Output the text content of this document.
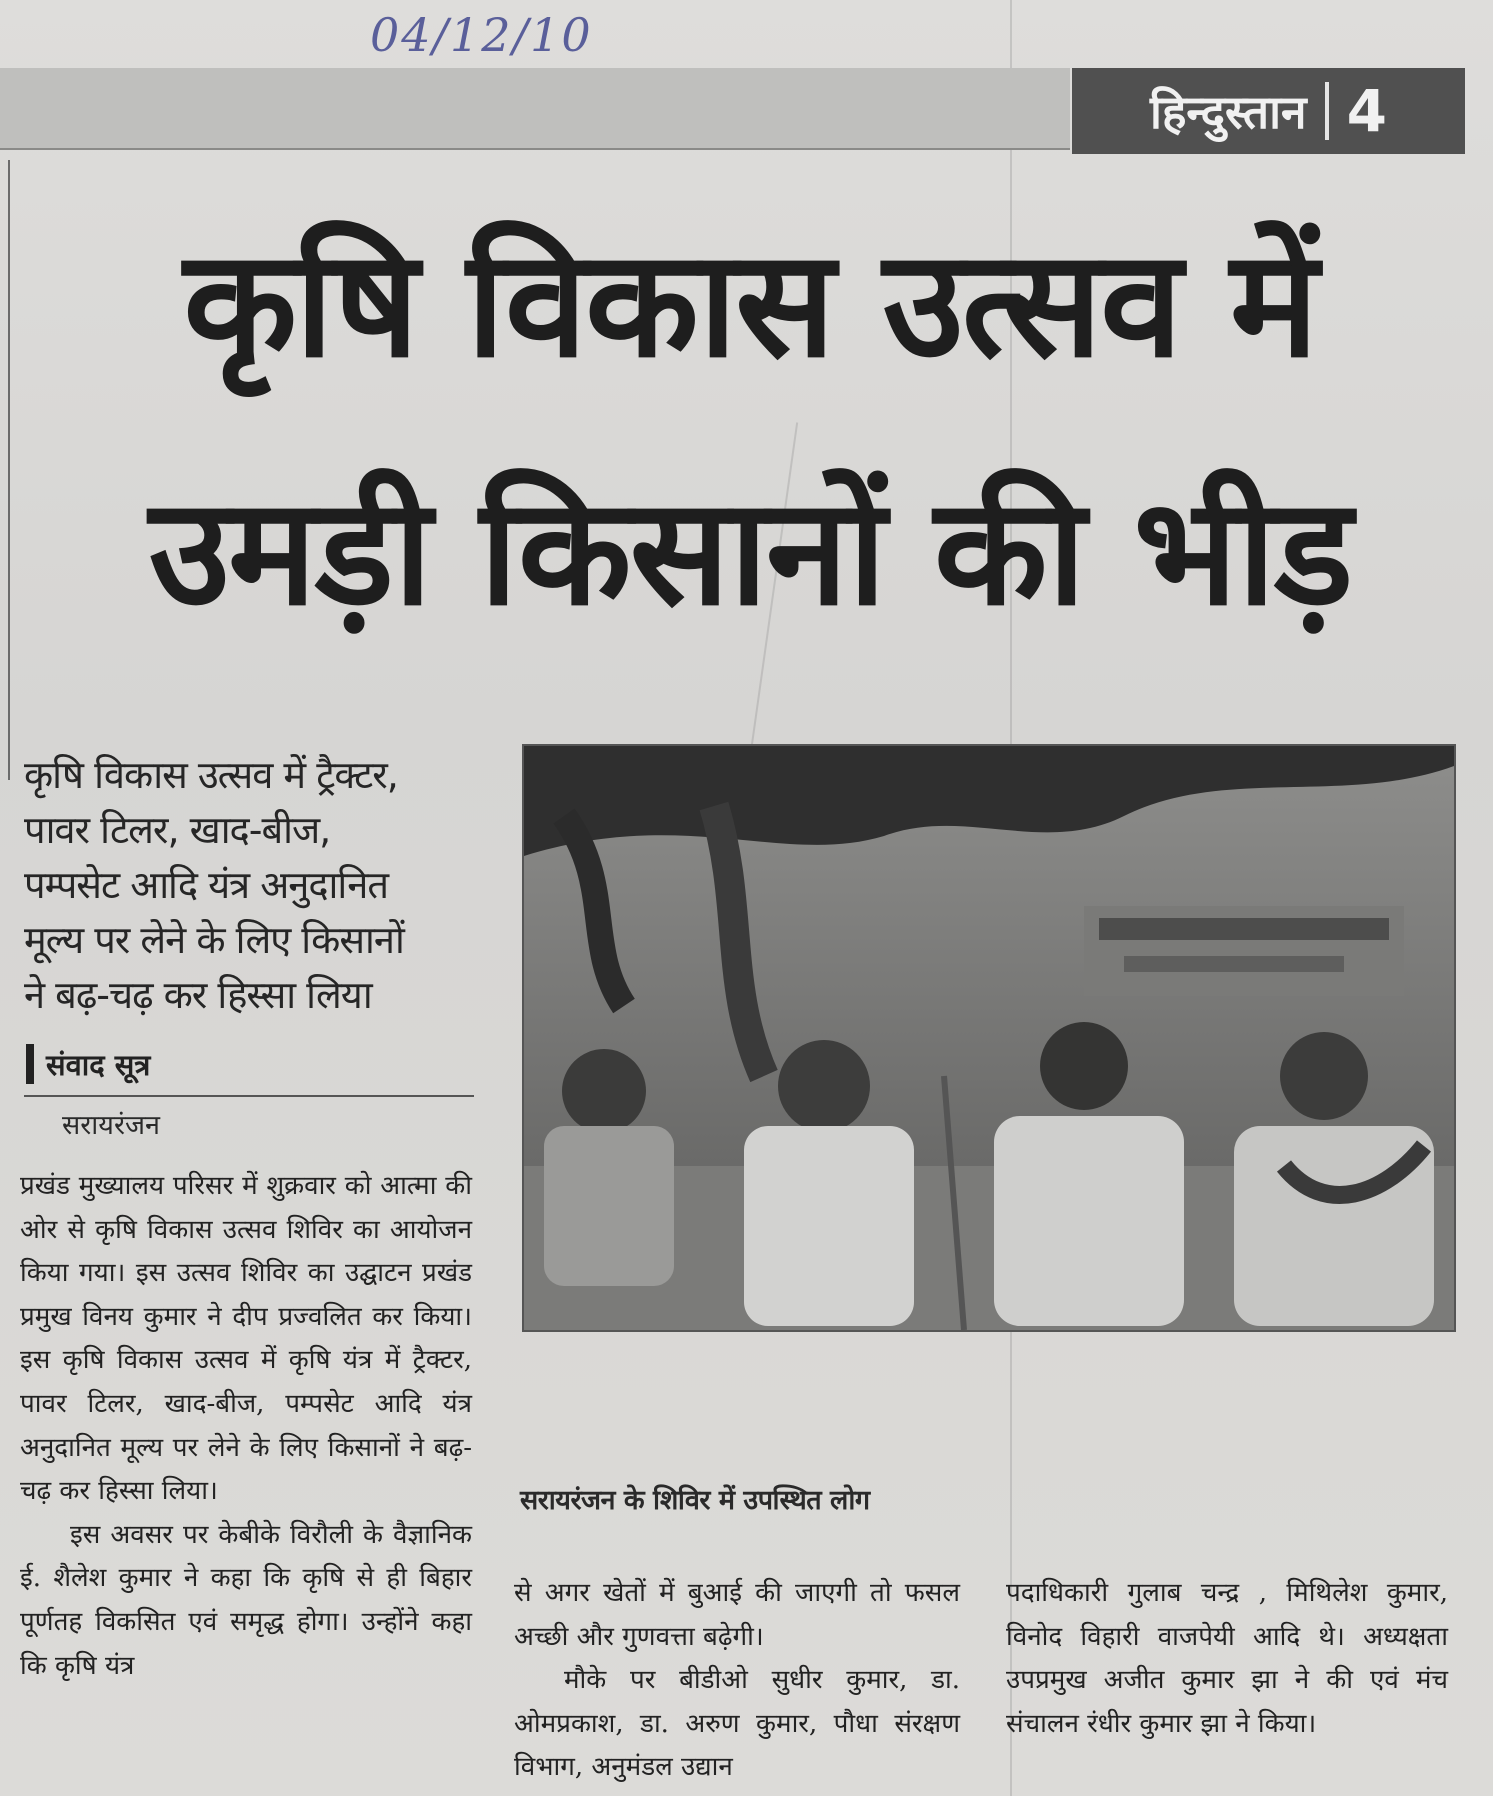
04/12/10
हिन्दुस्तान 4
कृषि विकास उत्सव में
उमड़ी किसानों की भीड़
कृषि विकास उत्सव में ट्रैक्टर,
पावर टिलर, खाद-बीज,
पम्पसेट आदि यंत्र अनुदानित
मूल्य पर लेने के लिए किसानों
ने बढ़-चढ़ कर हिस्सा लिया
संवाद सूत्र
सरायरंजन
सरायरंजन के शिविर में उपस्थित लोग

प्रखंड मुख्यालय परिसर में शुक्रवार को आत्मा की ओर से कृषि विकास उत्सव शिविर का आयोजन किया गया। इस उत्सव शिविर का उद्घाटन प्रखंड प्रमुख विनय कुमार ने दीप प्रज्वलित कर किया। इस कृषि विकास उत्सव में कृषि यंत्र में ट्रैक्टर, पावर टिलर, खाद-बीज, पम्पसेट आदि यंत्र अनुदानित मूल्य पर लेने के लिए किसानों ने बढ़-चढ़ कर हिस्सा लिया।

इस अवसर पर केबीके विरौली के वैज्ञानिक ई. शैलेश कुमार ने कहा कि कृषि से ही बिहार पूर्णतह विकसित एवं समृद्ध होगा। उन्होंने कहा कि कृषि यंत्र

से अगर खेतों में बुआई की जाएगी तो फसल अच्छी और गुणवत्ता बढ़ेगी।

मौके पर बीडीओ सुधीर कुमार, डा. ओमप्रकाश, डा. अरुण कुमार, पौधा संरक्षण विभाग, अनुमंडल उद्यान

पदाधिकारी गुलाब चन्द्र , मिथिलेश कुमार, विनोद विहारी वाजपेयी आदि थे। अध्यक्षता उपप्रमुख अजीत कुमार झा ने की एवं मंच संचालन रंधीर कुमार झा ने किया।
